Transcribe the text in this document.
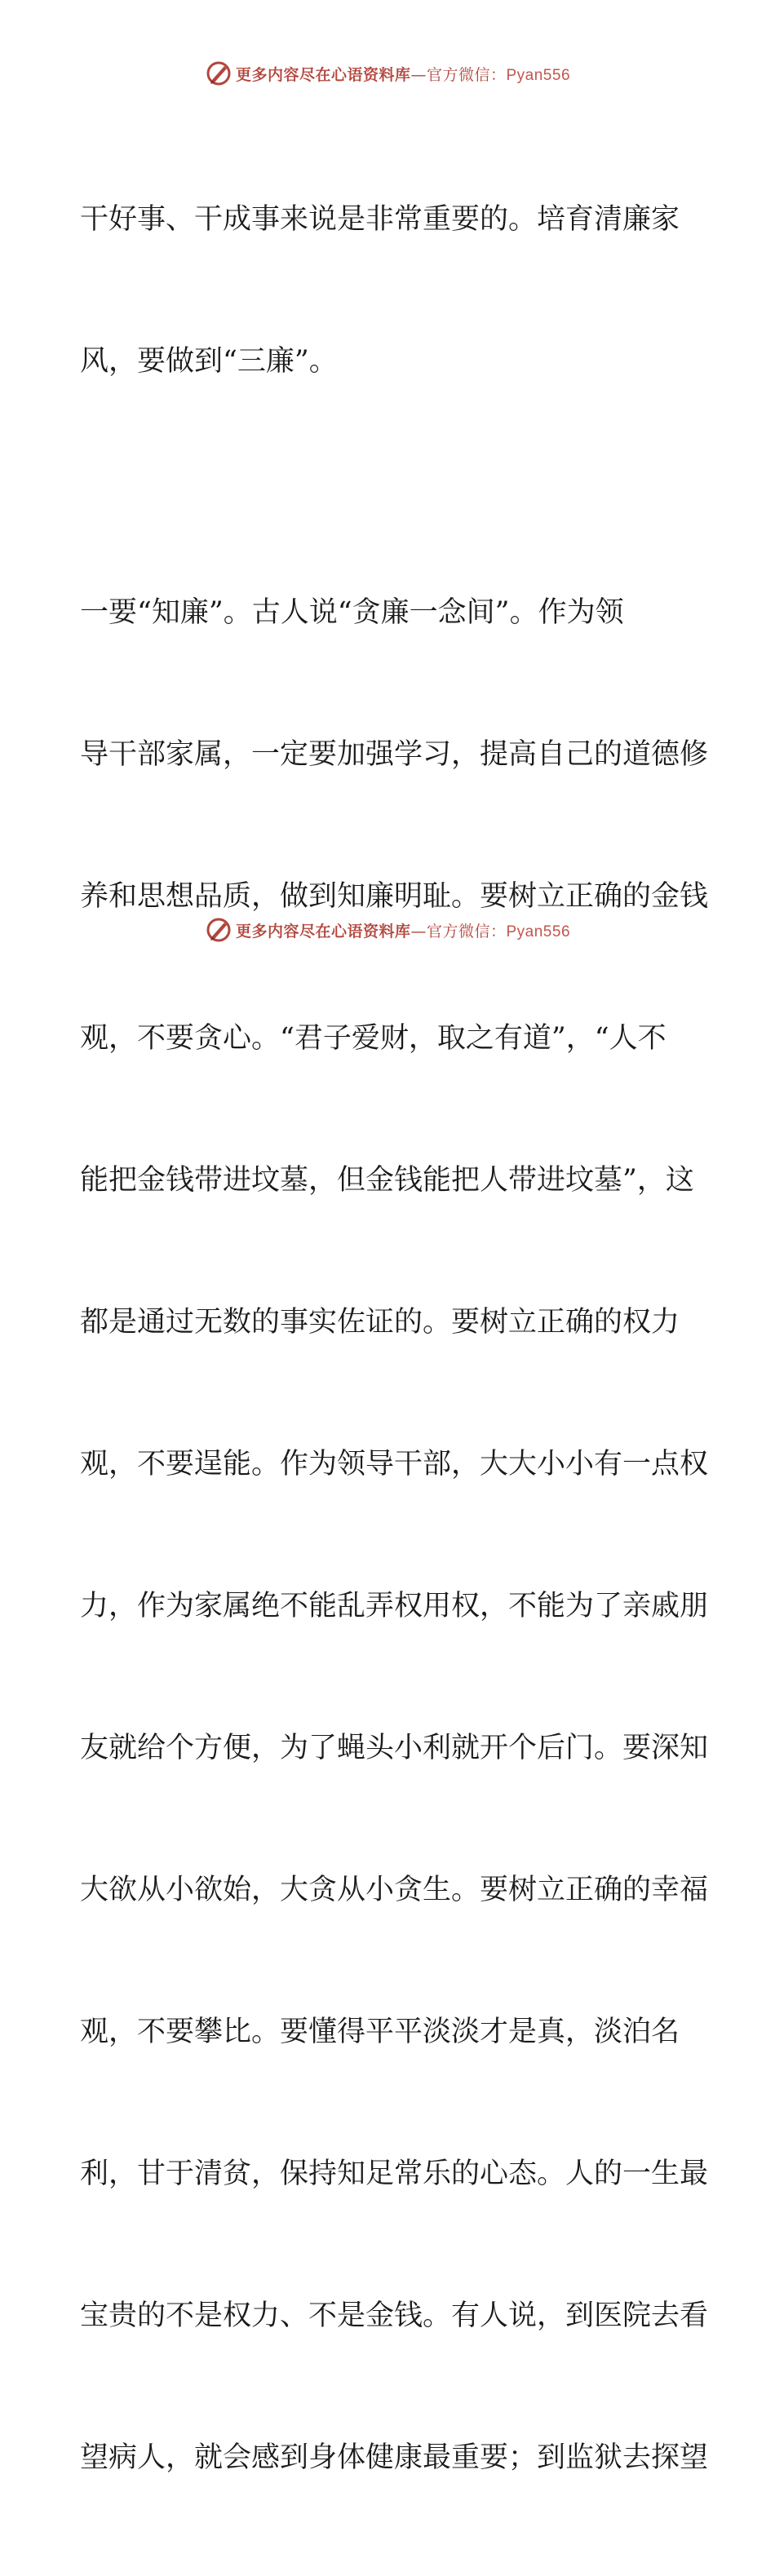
更多内容尽在心语资料库—官方微信：Pyan556

干好事、干成事来说是非常重要的。培育清廉家

风，要做到“三廉”。

一要“知廉”。古人说“贪廉一念间”。作为领

导干部家属，一定要加强学习，提高自己的道德修

养和思想品质，做到知廉明耻。要树立正确的金钱

观，不要贪心。“君子爱财，取之有道”，“人不

能把金钱带进坟墓，但金钱能把人带进坟墓”，这

都是通过无数的事实佐证的。要树立正确的权力

观，不要逞能。作为领导干部，大大小小有一点权

力，作为家属绝不能乱弄权用权，不能为了亲戚朋

友就给个方便，为了蝇头小利就开个后门。要深知

大欲从小欲始，大贪从小贪生。要树立正确的幸福

观，不要攀比。要懂得平平淡淡才是真，淡泊名

利，甘于清贫，保持知足常乐的心态。人的一生最

宝贵的不是权力、不是金钱。有人说，到医院去看

望病人，就会感到身体健康最重要；到监狱去探望

更多内容尽在心语资料库—官方微信：Pyan556
